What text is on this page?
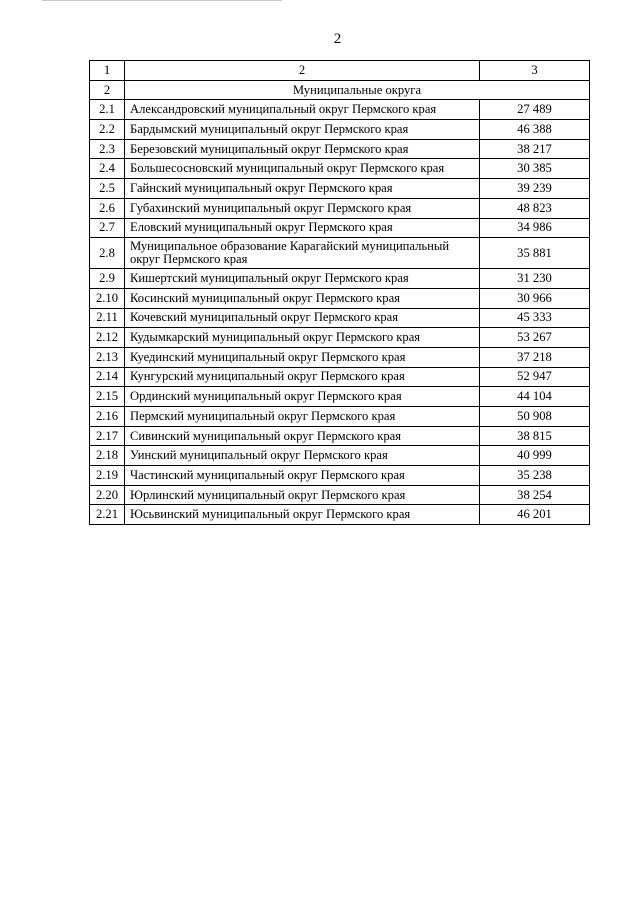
2
1	2	3
2	Муниципальные округа	
2.1	Александровский муниципальный округ Пермского края	27 489
2.2	Бардымский муниципальный округ Пермского края	46 388
2.3	Березовский муниципальный округ Пермского края	38 217
2.4	Большесосновский муниципальный округ Пермского края	30 385
2.5	Гайнский муниципальный округ Пермского края	39 239
2.6	Губахинский муниципальный округ Пермского края	48 823
2.7	Еловский муниципальный округ Пермского края	34 986
2.8	Муниципальное образование Карагайский муниципальный округ Пермского края	35 881
2.9	Кишертский муниципальный округ Пермского края	31 230
2.10	Косинский муниципальный округ Пермского края	30 966
2.11	Кочевский муниципальный округ Пермского края	45 333
2.12	Кудымкарский муниципальный округ Пермского края	53 267
2.13	Куединский муниципальный округ Пермского края	37 218
2.14	Кунгурский муниципальный округ Пермского края	52 947
2.15	Ординский муниципальный округ Пермского края	44 104
2.16	Пермский муниципальный округ Пермского края	50 908
2.17	Сивинский муниципальный округ Пермского края	38 815
2.18	Уинский муниципальный округ Пермского края	40 999
2.19	Частинский муниципальный округ Пермского края	35 238
2.20	Юрлинский муниципальный округ Пермского края	38 254
2.21	Юсьвинский муниципальный округ Пермского края	46 201
